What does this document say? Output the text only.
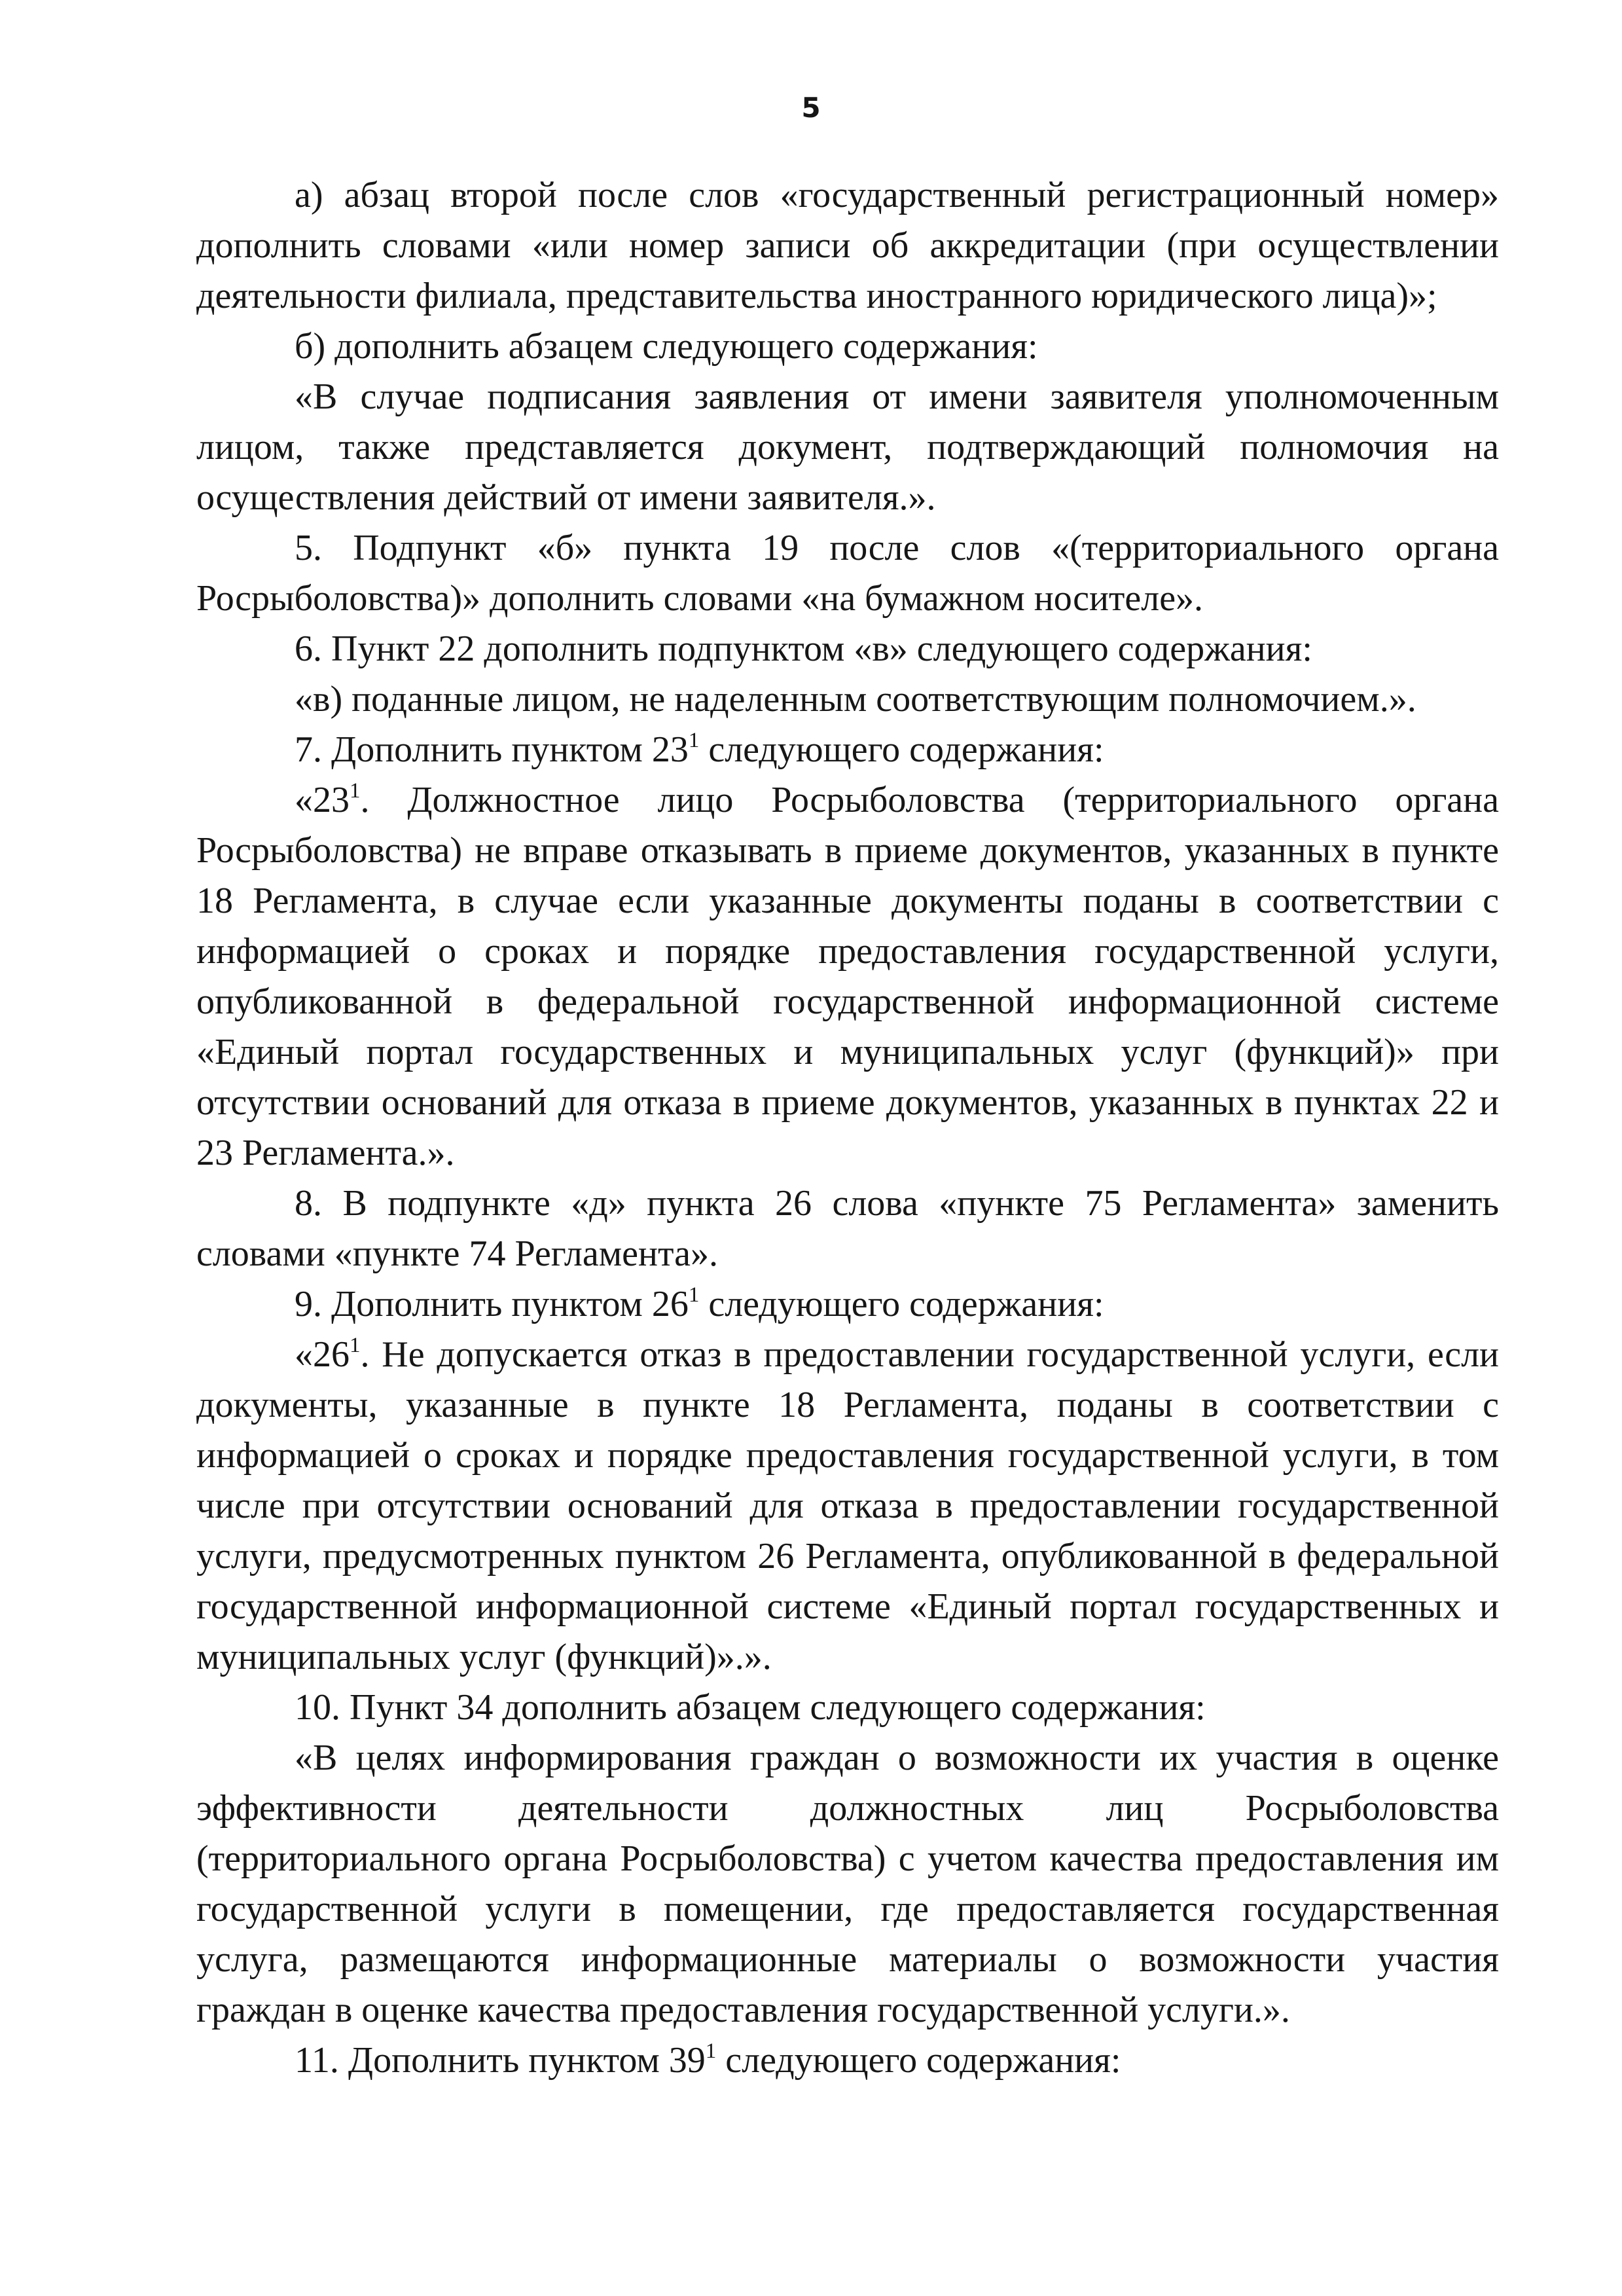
5

а) абзац второй после слов «государственный регистрационный номер» дополнить словами «или номер записи об аккредитации (при осуществлении деятельности филиала, представительства иностранного юридического лица)»;

б) дополнить абзацем следующего содержания:

«В случае подписания заявления от имени заявителя уполномоченным лицом, также представляется документ, подтверждающий полномочия на осуществления действий от имени заявителя.».

5. Подпункт «б» пункта 19 после слов «(территориального органа Росрыболовства)» дополнить словами «на бумажном носителе».

6. Пункт 22 дополнить подпунктом «в» следующего содержания:

«в) поданные лицом, не наделенным соответствующим полномочием.».

7. Дополнить пунктом $23^1$ следующего содержания:

«$23^1$. Должностное лицо Росрыболовства (территориального органа Росрыболовства) не вправе отказывать в приеме документов, указанных в пункте 18 Регламента, в случае если указанные документы поданы в соответствии с информацией о сроках и порядке предоставления государственной услуги, опубликованной в федеральной государственной информационной системе «Единый портал государственных и муниципальных услуг (функций)» при отсутствии оснований для отказа в приеме документов, указанных в пунктах 22 и 23 Регламента.».

8. В подпункте «д» пункта 26 слова «пункте 75 Регламента» заменить словами «пункте 74 Регламента».

9. Дополнить пунктом $26^1$ следующего содержания:

«$26^1$. Не допускается отказ в предоставлении государственной услуги, если документы, указанные в пункте 18 Регламента, поданы в соответствии с информацией о сроках и порядке предоставления государственной услуги, в том числе при отсутствии оснований для отказа в предоставлении государственной услуги, предусмотренных пунктом 26 Регламента, опубликованной в федеральной государственной информационной системе «Единый портал государственных и муниципальных услуг (функций)».».

10. Пункт 34 дополнить абзацем следующего содержания:

«В целях информирования граждан о возможности их участия в оценке эффективности деятельности должностных лиц Росрыболовства (территориального органа Росрыболовства) с учетом качества предоставления им государственной услуги в помещении, где предоставляется государственная услуга, размещаются информационные материалы о возможности участия граждан в оценке качества предоставления государственной услуги.».

11. Дополнить пунктом $39^1$ следующего содержания:
